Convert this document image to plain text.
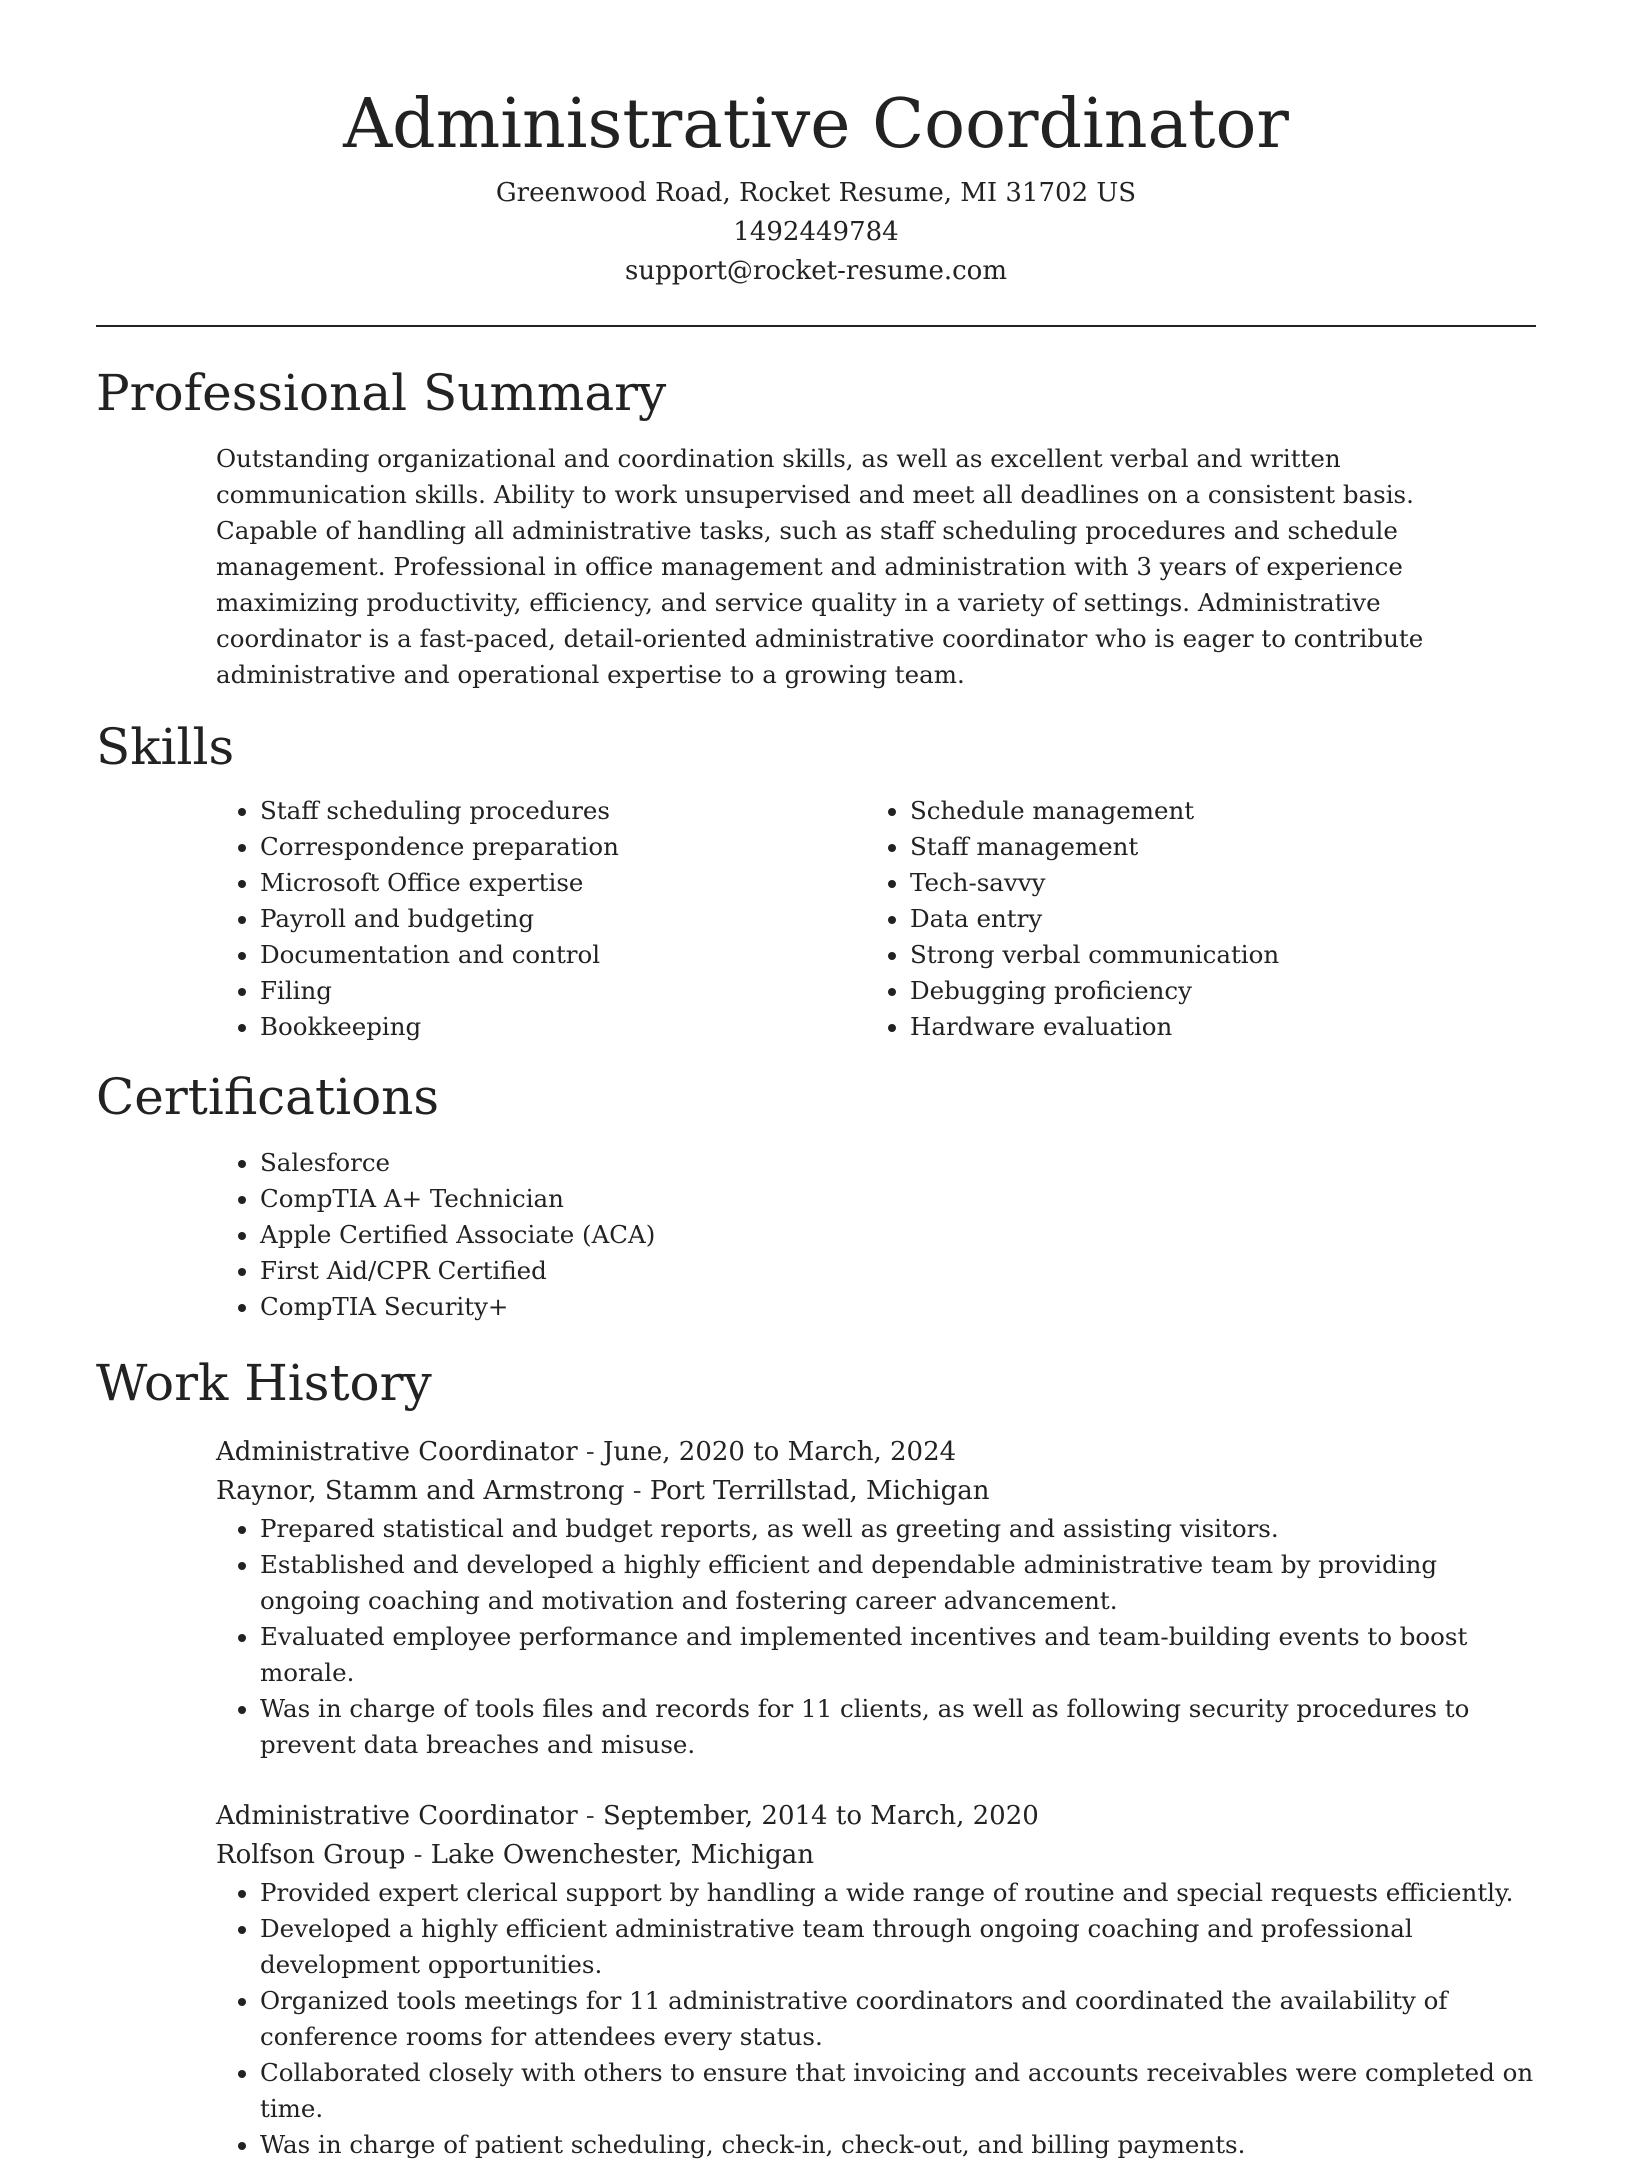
Administrative Coordinator
Greenwood Road, Rocket Resume, MI 31702 US
1492449784
support@rocket-resume.com
Professional Summary
Outstanding organizational and coordination skills, as well as excellent verbal and written communication skills. Ability to work unsupervised and meet all deadlines on a consistent basis. Capable of handling all administrative tasks, such as staff scheduling procedures and schedule management. Professional in office management and administration with 3 years of experience maximizing productivity, efficiency, and service quality in a variety of settings. Administrative coordinator is a fast-paced, detail-oriented administrative coordinator who is eager to contribute administrative and operational expertise to a growing team.
Skills
• Staff scheduling procedures
• Correspondence preparation
• Microsoft Office expertise
• Payroll and budgeting
• Documentation and control
• Filing
• Bookkeeping
• Schedule management
• Staff management
• Tech-savvy
• Data entry
• Strong verbal communication
• Debugging proficiency
• Hardware evaluation
Certifications
• Salesforce
• CompTIA A+ Technician
• Apple Certified Associate (ACA)
• First Aid/CPR Certified
• CompTIA Security+
Work History
Administrative Coordinator - June, 2020 to March, 2024
Raynor, Stamm and Armstrong - Port Terrillstad, Michigan
• Prepared statistical and budget reports, as well as greeting and assisting visitors.
• Established and developed a highly efficient and dependable administrative team by providing ongoing coaching and motivation and fostering career advancement.
• Evaluated employee performance and implemented incentives and team-building events to boost morale.
• Was in charge of tools files and records for 11 clients, as well as following security procedures to prevent data breaches and misuse.
Administrative Coordinator - September, 2014 to March, 2020
Rolfson Group - Lake Owenchester, Michigan
• Provided expert clerical support by handling a wide range of routine and special requests efficiently.
• Developed a highly efficient administrative team through ongoing coaching and professional development opportunities.
• Organized tools meetings for 11 administrative coordinators and coordinated the availability of conference rooms for attendees every status.
• Collaborated closely with others to ensure that invoicing and accounts receivables were completed on time.
• Was in charge of patient scheduling, check-in, check-out, and billing payments.
